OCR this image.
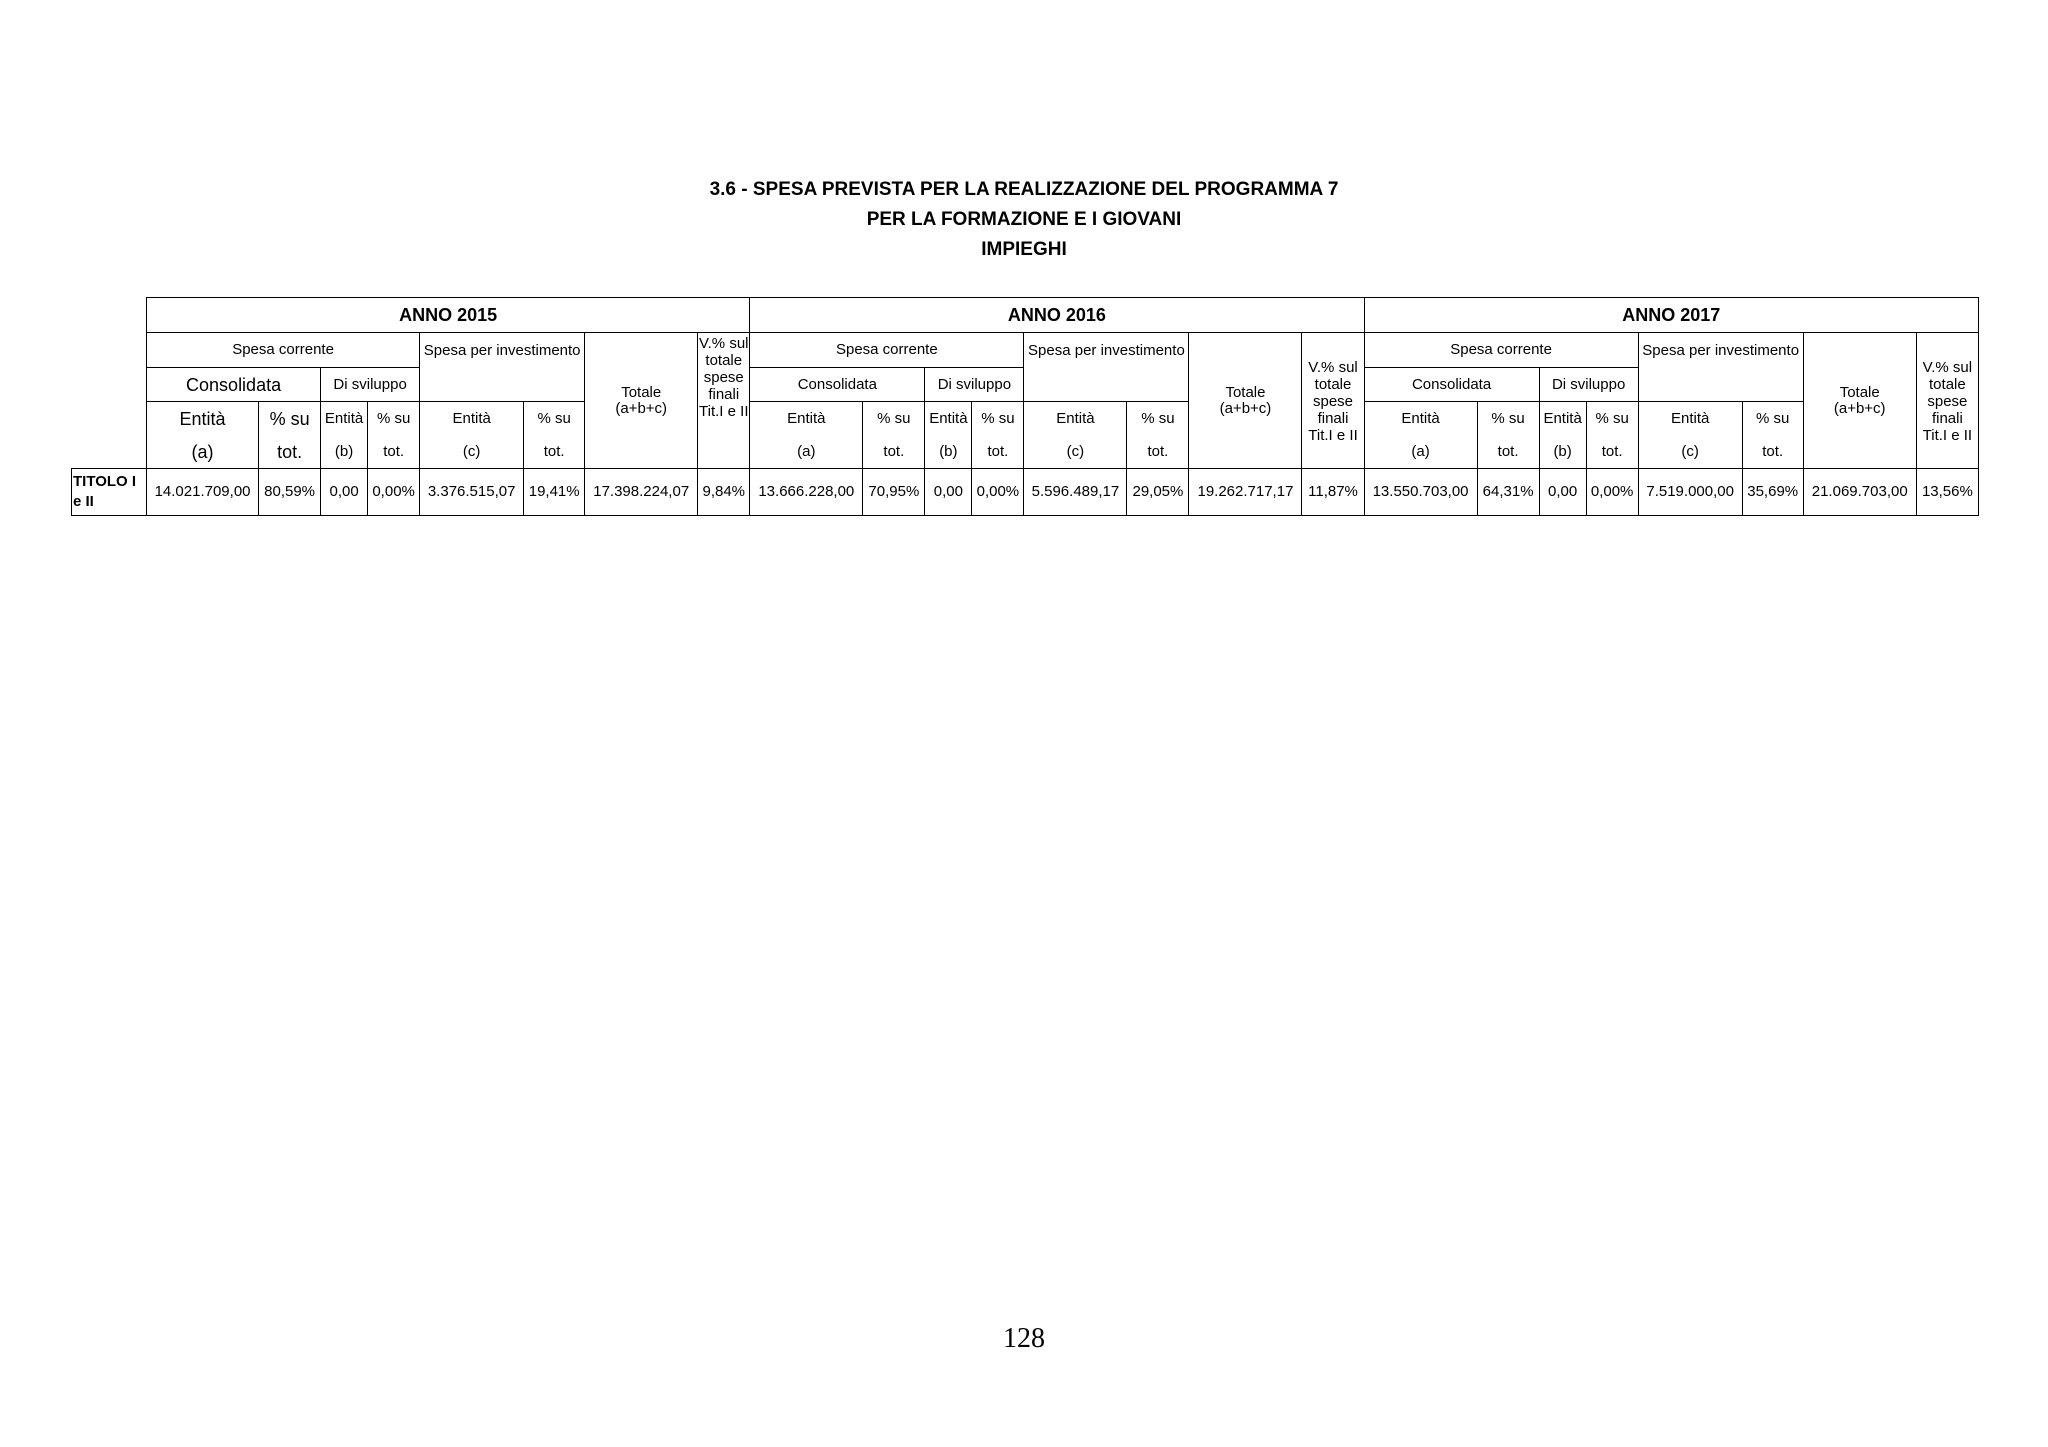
3.6 - SPESA PREVISTA PER LA REALIZZAZIONE DEL PROGRAMMA 7
PER LA FORMAZIONE E I GIOVANI
IMPIEGHI
	ANNO 2015								ANNO 2016								ANNO 2017							
	Spesa corrente				Spesa per investimento		Totale (a+b+c)	V.% sul totale spese finali Tit.I e II	Spesa corrente				Spesa per investimento		Totale (a+b+c)	V.% sul totale spese finali Tit.I e II	Spesa corrente				Spesa per investimento		Totale (a+b+c)	V.% sul totale spese finali Tit.I e II
	Consolidata		Di sviluppo						Consolidata		Di sviluppo						Consolidata		Di sviluppo					
	Entità	% su	Entità	% su	Entità	% su			Entità	% su	Entità	% su	Entità	% su			Entità	% su	Entità	% su	Entità	% su		
	(a)	tot.	(b)	tot.	(c)	tot.			(a)	tot.	(b)	tot.	(c)	tot.			(a)	tot.	(b)	tot.	(c)	tot.		
TITOLO I e II	14.021.709,00	80,59%	0,00	0,00%	3.376.515,07	19,41%	17.398.224,07	9,84%	13.666.228,00	70,95%	0,00	0,00%	5.596.489,17	29,05%	19.262.717,17	11,87%	13.550.703,00	64,31%	0,00	0,00%	7.519.000,00	35,69%	21.069.703,00	13,56%
128
